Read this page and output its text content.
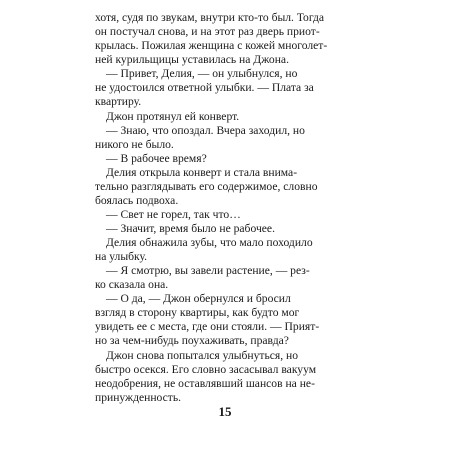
хотя, судя по звукам, внутри кто-то был. Тогда

он постучал снова, и на этот раз дверь приот-

крылась. Пожилая женщина с кожей многолет-

ней курильщицы уставилась на Джона.

— Привет, Делия, — он улыбнулся, но

не удостоился ответной улыбки. — Плата за

квартиру.

Джон протянул ей конверт.

— Знаю, что опоздал. Вчера заходил, но

никого не было.

— В рабочее время?

Делия открыла конверт и стала внима-

тельно разглядывать его содержимое, словно

боялась подвоха.

— Свет не горел, так что…

— Значит, время было не рабочее.

Делия обнажила зубы, что мало походило

на улыбку.

— Я смотрю, вы завели растение, — рез-

ко сказала она.

— О да, — Джон обернулся и бросил

взгляд в сторону квартиры, как будто мог

увидеть ее с места, где они стояли. — Прият-

но за чем-нибудь поухаживать, правда?

Джон снова попытался улыбнуться, но

быстро осекся. Его словно засасывал вакуум

неодобрения, не оставлявший шансов на не-

принужденность.

15
